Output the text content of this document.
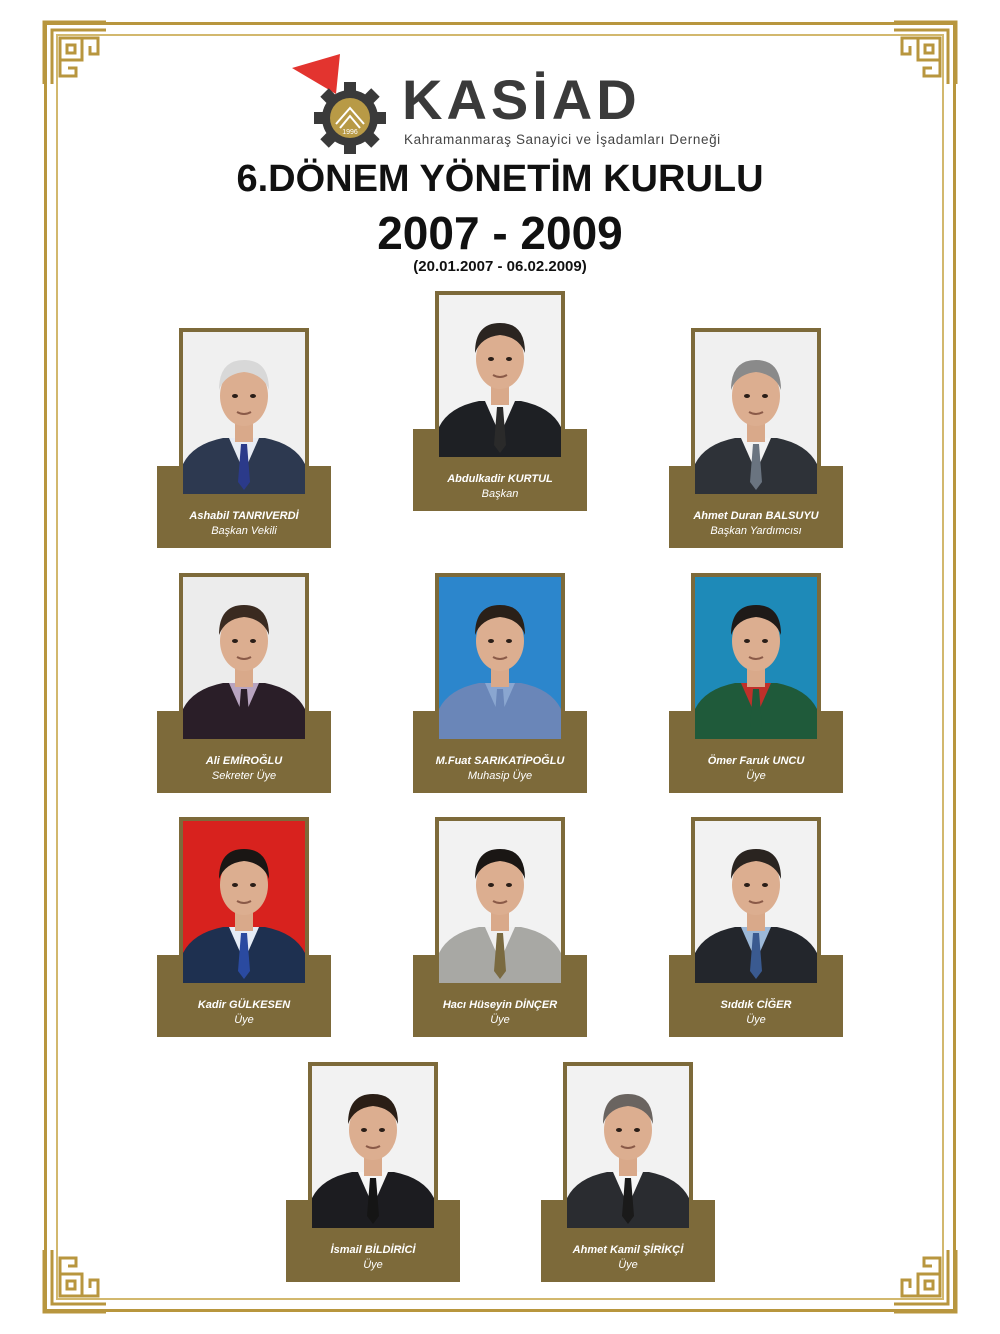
1996
KASİAD
Kahramanmaraş Sanayici ve İşadamları Derneği
6.DÖNEM YÖNETİM KURULU
2007 - 2009
(20.01.2007 - 06.02.2009)
Ashabil TANRIVERDİ
Başkan Vekili
Abdulkadir KURTUL
Başkan
Ahmet Duran BALSUYU
Başkan Yardımcısı
Ali EMİROĞLU
Sekreter Üye
M.Fuat SARIKATİPOĞLU
Muhasip Üye
Ömer Faruk UNCU
Üye
Kadir GÜLKESEN
Üye
Hacı Hüseyin DİNÇER
Üye
Sıddık CİĞER
Üye
İsmail BİLDİRİCİ
Üye
Ahmet Kamil ŞİRİKÇİ
Üye
